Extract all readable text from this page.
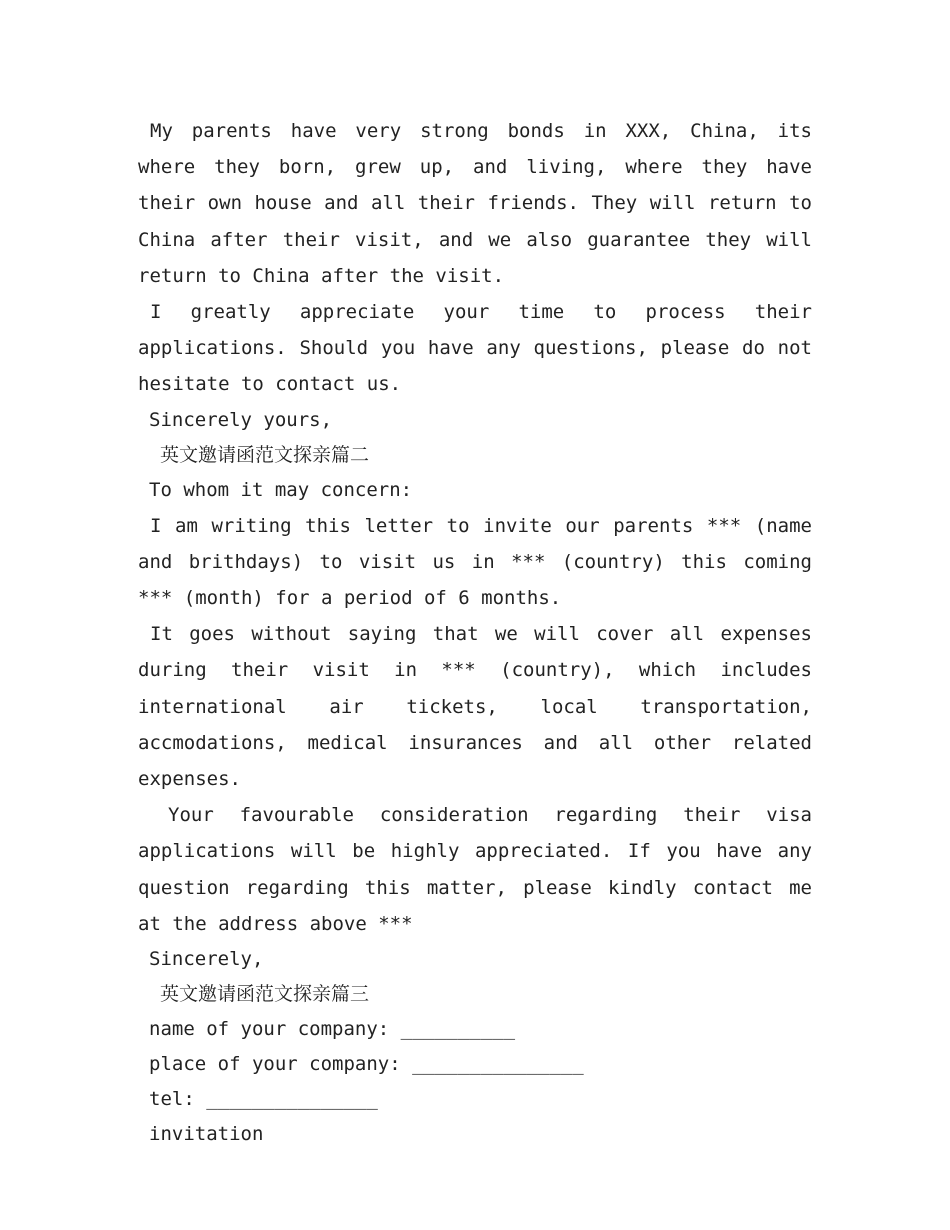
My parents have very strong bonds in XXX, China, its where they born, grew up, and living, where they have their own house and all their friends. They will return to China after their visit, and we also guarantee they will return to China after the visit.

I greatly appreciate your time to process their applications. Should you have any questions, please do not hesitate to contact us.

Sincerely yours,

英文邀请函范文探亲篇二

To whom it may concern:

I am writing this letter to invite our parents *** (name and brithdays) to visit us in *** (country) this coming *** (month) for a period of 6 months.

It goes without saying that we will cover all expenses during their visit in *** (country), which includes international air tickets, local transportation, accmodations, medical insurances and all other related expenses.

Your favourable consideration regarding their visa applications will be highly appreciated. If you have any question regarding this matter, please kindly contact me at the address above ***

Sincerely,

英文邀请函范文探亲篇三

name of your company: __________

place of your company: _______________

tel: _______________

invitation
